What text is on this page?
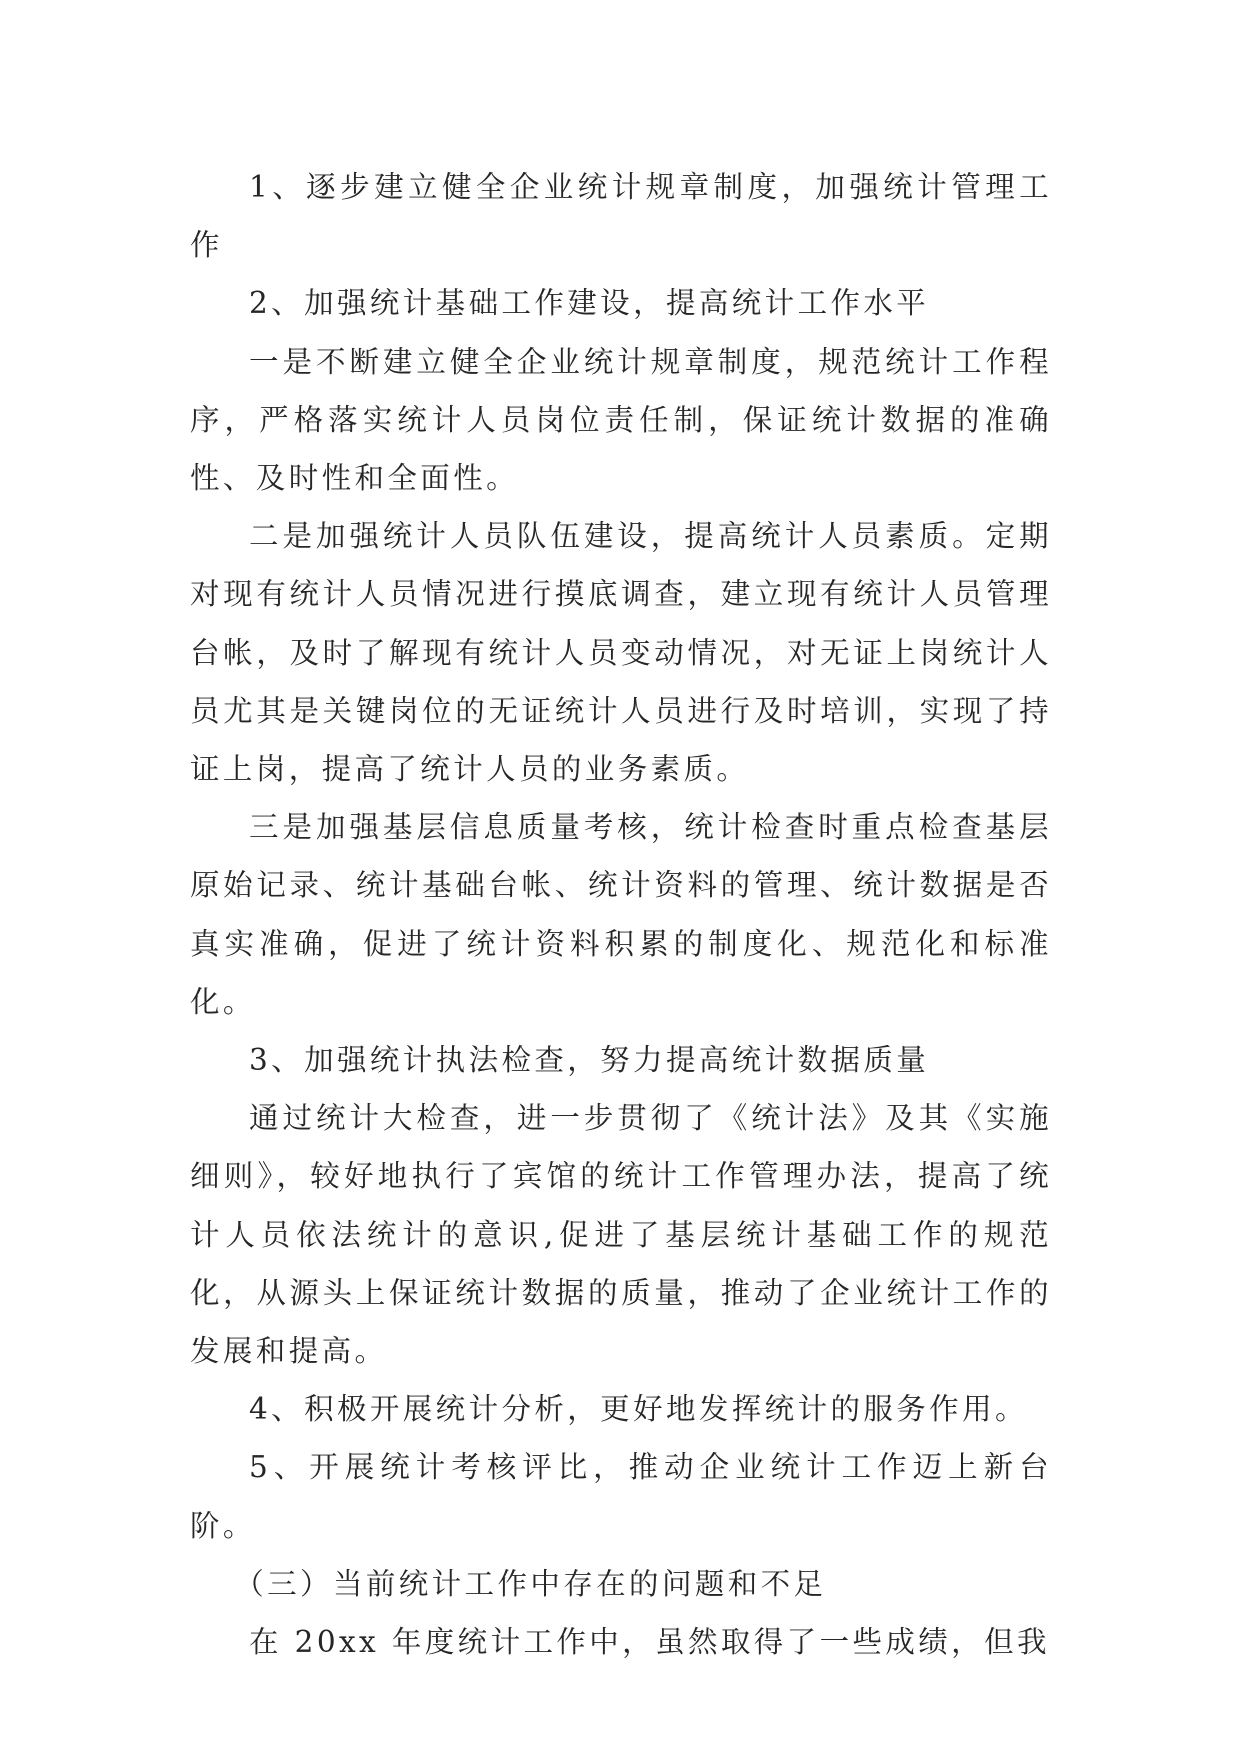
1、逐步建立健全企业统计规章制度，加强统计管理工作

2、加强统计基础工作建设，提高统计工作水平

一是不断建立健全企业统计规章制度，规范统计工作程序，严格落实统计人员岗位责任制，保证统计数据的准确性、及时性和全面性。

二是加强统计人员队伍建设，提高统计人员素质。定期对现有统计人员情况进行摸底调查，建立现有统计人员管理台帐，及时了解现有统计人员变动情况，对无证上岗统计人员尤其是关键岗位的无证统计人员进行及时培训，实现了持证上岗，提高了统计人员的业务素质。

三是加强基层信息质量考核，统计检查时重点检查基层原始记录、统计基础台帐、统计资料的管理、统计数据是否真实准确，促进了统计资料积累的制度化、规范化和标准化。

3、加强统计执法检查，努力提高统计数据质量

通过统计大检查，进一步贯彻了《统计法》及其《实施细则》，较好地执行了宾馆的统计工作管理办法，提高了统计人员依法统计的意识,促进了基层统计基础工作的规范化，从源头上保证统计数据的质量，推动了企业统计工作的发展和提高。

4、积极开展统计分析，更好地发挥统计的服务作用。

5、开展统计考核评比，推动企业统计工作迈上新台阶。

（三）当前统计工作中存在的问题和不足

在 20xx 年度统计工作中，虽然取得了一些成绩，但我
